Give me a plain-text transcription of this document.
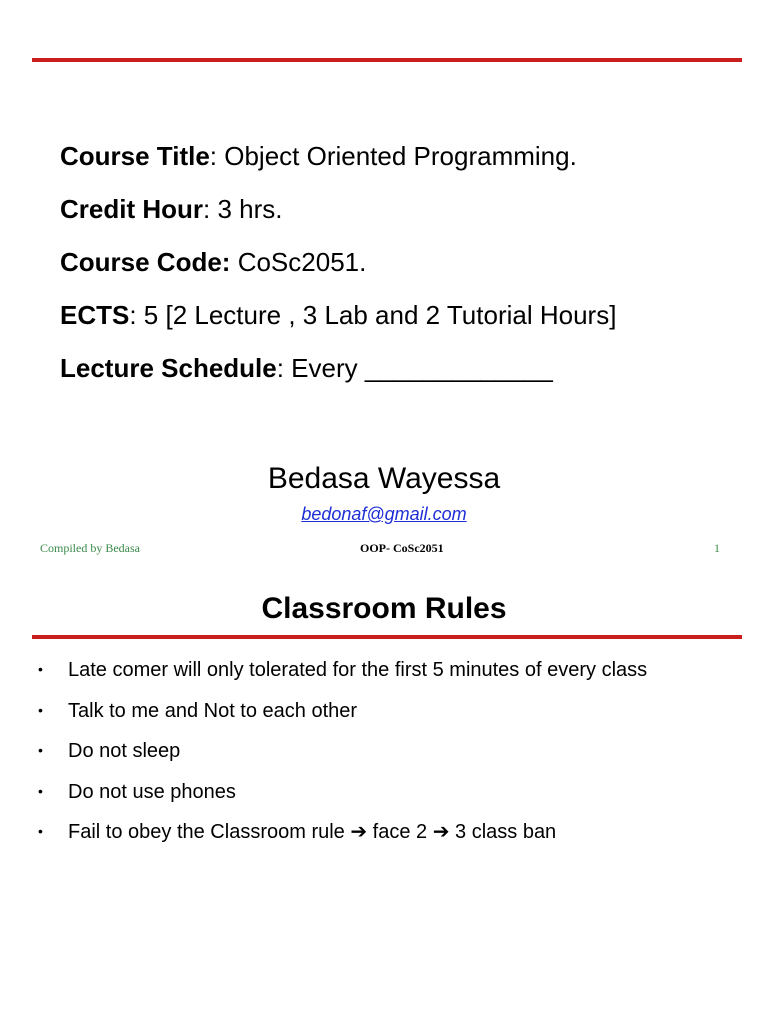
Course Title: Object Oriented Programming.
Credit Hour: 3 hrs.
Course Code: CoSc2051.
ECTS: 5 [2 Lecture , 3 Lab and 2 Tutorial Hours]
Lecture Schedule: Every _____________
Bedasa Wayessa
bedonaf@gmail.com
Compiled by Bedasa	OOP- CoSc2051	1
Classroom Rules
• Late comer will only tolerated for the first 5 minutes of every class
• Talk to me and Not to each other
• Do not sleep
• Do not use phones
• Fail to obey the Classroom rule ➔ face 2 ➔ 3 class ban
